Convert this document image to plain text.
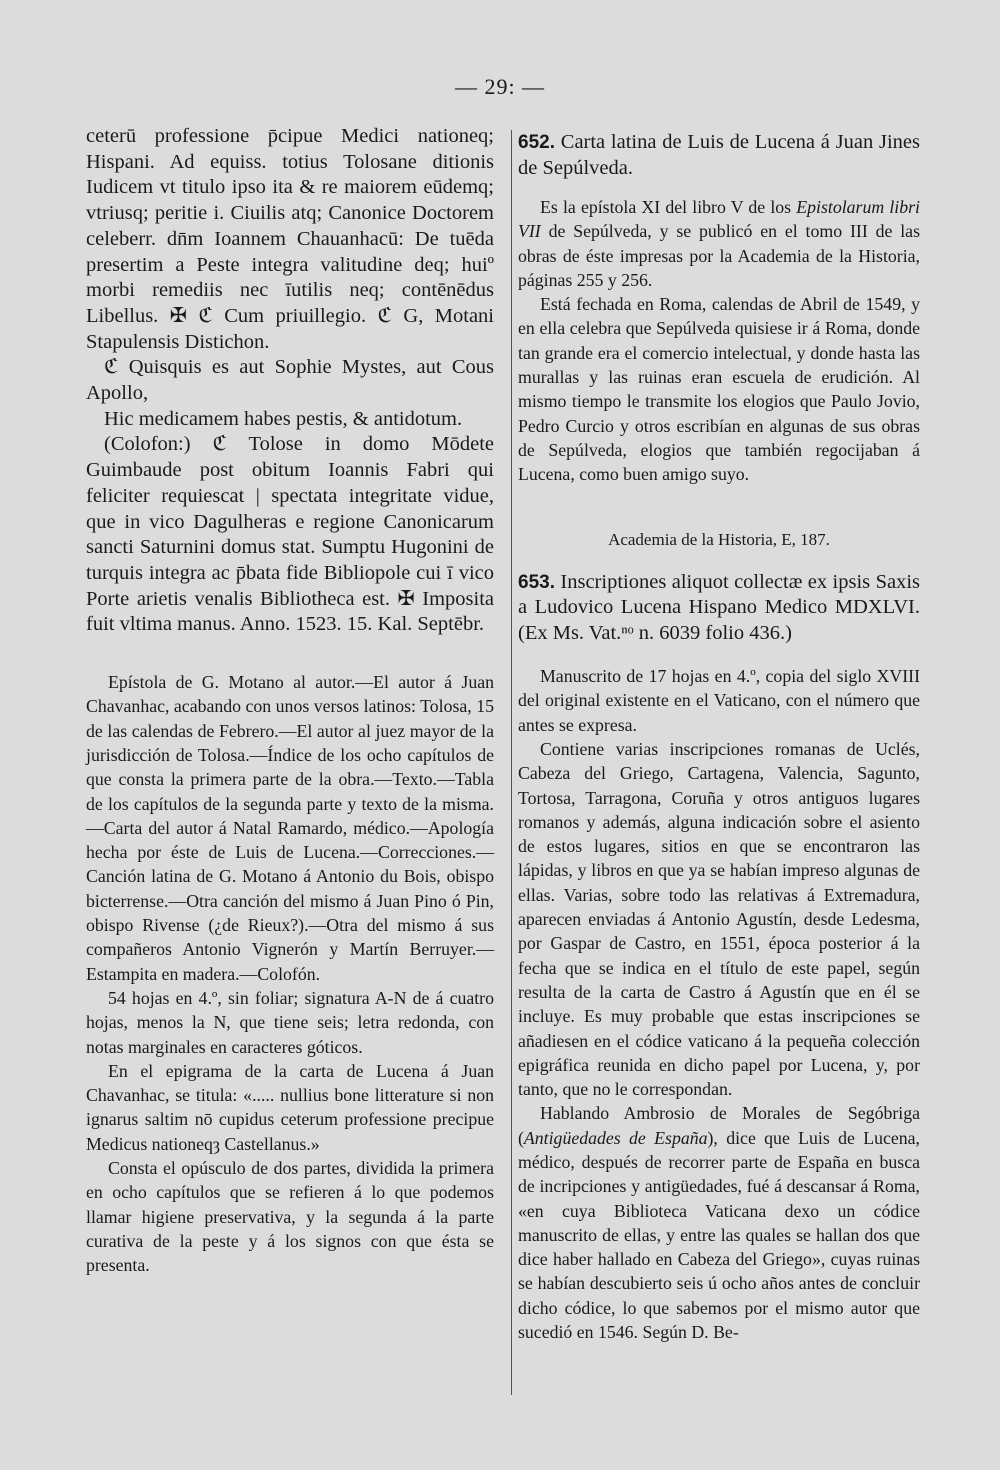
— 29: —

ceterū professione p̄cipue Medici nationeq; Hispani. Ad equiss. totius Tolosane ditionis Iudicem vt titulo ipso ita & re maiorem eūdemq; vtriusq; peritie i. Ciuilis atq; Canonice Doctorem celeberr. dn̄m Ioannem Chauanhacū: De tuēda presertim a Peste integra valitudine deq; huiº morbi remediis nec īutilis neq; contēnēdus Libellus. ✠ ℭ Cum priuillegio. ℭ G, Motani Stapulensis Distichon.

ℭ Quisquis es aut Sophie Mystes, aut Cous Apollo,

Hic medicamem habes pestis, & antidotum.

(Colofon:) ℭ Tolose in domo Mōdete Guimbaude post obitum Ioannis Fabri qui feliciter requiescat | spectata integritate vidue, que in vico Dagulheras e regione Canonicarum sancti Saturnini domus stat. Sumptu Hugonini de turquis integra ac p̄bata fide Bibliopole cui ī vico Porte arietis venalis Bibliotheca est. ✠ Imposita fuit vltima manus. Anno. 1523. 15. Kal. Septēbr.

Epístola de G. Motano al autor.—El autor á Juan Chavanhac, acabando con unos versos latinos: Tolosa, 15 de las calendas de Febrero.—El autor al juez mayor de la jurisdicción de Tolosa.—Índice de los ocho capítulos de que consta la primera parte de la obra.—Texto.—Tabla de los capítulos de la segunda parte y texto de la misma.—Carta del autor á Natal Ramardo, médico.—Apología hecha por éste de Luis de Lucena.—Correcciones.—Canción latina de G. Motano á Antonio du Bois, obispo bicterrense.—Otra canción del mismo á Juan Pino ó Pin, obispo Rivense (¿de Rieux?).—Otra del mismo á sus compañeros Antonio Vignerón y Martín Berruyer.—Estampita en madera.—Colofón.

54 hojas en 4.º, sin foliar; signatura A-N de á cuatro hojas, menos la N, que tiene seis; letra redonda, con notas marginales en caracteres góticos.

En el epigrama de la carta de Lucena á Juan Chavanhac, se titula: «..... nullius bone litterature si non ignarus saltim nō cupidus ceterum professione precipue Medicus nationeqȝ Castellanus.»

Consta el opúsculo de dos partes, dividida la primera en ocho capítulos que se refieren á lo que podemos llamar higiene preservativa, y la segunda á la parte curativa de la peste y á los signos con que ésta se presenta.

652. Carta latina de Luis de Lucena á Juan Jines de Sepúlveda.

Es la epístola XI del libro V de los Epistolarum libri VII de Sepúlveda, y se publicó en el tomo III de las obras de éste impresas por la Academia de la Historia, páginas 255 y 256.

Está fechada en Roma, calendas de Abril de 1549, y en ella celebra que Sepúlveda quisiese ir á Roma, donde tan grande era el comercio intelectual, y donde hasta las murallas y las ruinas eran escuela de erudición. Al mismo tiempo le transmite los elogios que Paulo Jovio, Pedro Curcio y otros escribían en algunas de sus obras de Sepúlveda, elogios que también regocijaban á Lucena, como buen amigo suyo.

Academia de la Historia, E, 187.

653. Inscriptiones aliquot collectæ ex ipsis Saxis a Ludovico Lucena Hispano Medico MDXLVI. (Ex Ms. Vat.ⁿᵒ n. 6039 folio 436.)

Manuscrito de 17 hojas en 4.º, copia del siglo XVIII del original existente en el Vaticano, con el número que antes se expresa.

Contiene varias inscripciones romanas de Uclés, Cabeza del Griego, Cartagena, Valencia, Sagunto, Tortosa, Tarragona, Coruña y otros antiguos lugares romanos y además, alguna indicación sobre el asiento de estos lugares, sitios en que se encontraron las lápidas, y libros en que ya se habían impreso algunas de ellas. Varias, sobre todo las relativas á Extremadura, aparecen enviadas á Antonio Agustín, desde Ledesma, por Gaspar de Castro, en 1551, época posterior á la fecha que se indica en el título de este papel, según resulta de la carta de Castro á Agustín que en él se incluye. Es muy probable que estas inscripciones se añadiesen en el códice vaticano á la pequeña colección epigráfica reunida en dicho papel por Lucena, y, por tanto, que no le correspondan.

Hablando Ambrosio de Morales de Segóbriga (Antigüedades de España), dice que Luis de Lucena, médico, después de recorrer parte de España en busca de incripciones y antigüedades, fué á descansar á Roma, «en cuya Biblioteca Vaticana dexo un códice manuscrito de ellas, y entre las quales se hallan dos que dice haber hallado en Cabeza del Griego», cuyas ruinas se habían descubierto seis ú ocho años antes de concluir dicho códice, lo que sabemos por el mismo autor que sucedió en 1546. Según D. Be-
